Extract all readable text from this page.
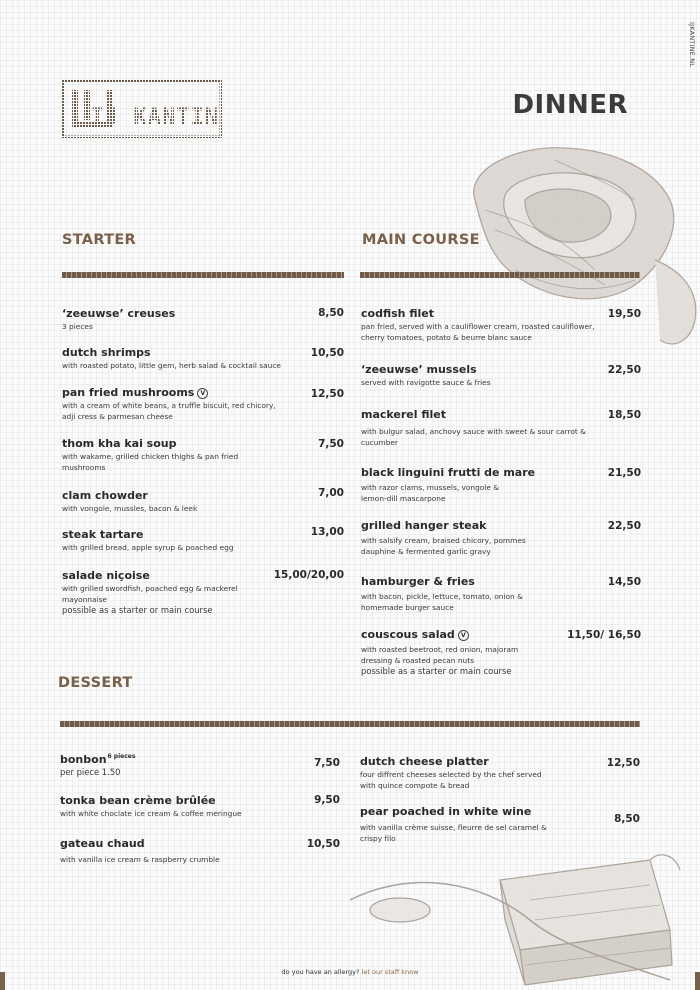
IJKANTINE.NL
IJ KANTINE	DINNER
STARTER
‘zeeuwse’ creuses
3 pieces
8,50
dutch shrimps
with roasted potato, little gem, herb salad & cocktail sauce
10,50
pan fried mushrooms V
with a cream of white beans, a truffle biscuit, red chicory, adji cress & parmesan cheese
12,50
thom kha kai soup
with wakame, grilled chicken thighs & pan fried mushrooms
7,50
clam chowder
with vongole, mussles, bacon & leek
7,00
steak tartare
with grilled bread, apple syrup & poached egg
13,00
salade niçoise
with grilled swordfish, poached egg & mackerel mayonnaise
possible as a starter or main course
15,00/20,00
MAIN COURSE
codfish filet
pan fried, served with a cauliflower cream, roasted cauliflower, cherry tomatoes, potato & beurre blanc sauce
19,50
‘zeeuwse’ mussels
served with ravigotte sauce & fries
22,50
mackerel filet
with bulgur salad, anchovy sauce with sweet & sour carrot & cucumber
18,50
black linguini frutti de mare
with razor clams, mussels, vongole & lemon-dill mascarpone
21,50
grilled hanger steak
with salsify cream, braised chicory, pommes dauphine & fermented garlic gravy
22,50
hamburger & fries
with bacon, pickle, lettuce, tomato, onion & homemade burger sauce
14,50
couscous salad V
with roasted beetroot, red onion, majoram dressing & roasted pecan nuts
possible as a starter or main course
11,50/ 16,50
DESSERT
bonbon$^{6 pieces}$
per piece 1.50
7,50
tonka bean crème brûlée
with white choclate ice cream & coffee meringue
9,50
gateau chaud
with vanilla ice cream & raspberry crumble
10,50
dutch cheese platter
four diffrent cheeses selected by the chef served with quince compote & bread
12,50
pear poached in white wine
with vanilla crème suisse, fleurre de sel caramel & crispy filo
8,50
do you have an allergy? let our staff know
